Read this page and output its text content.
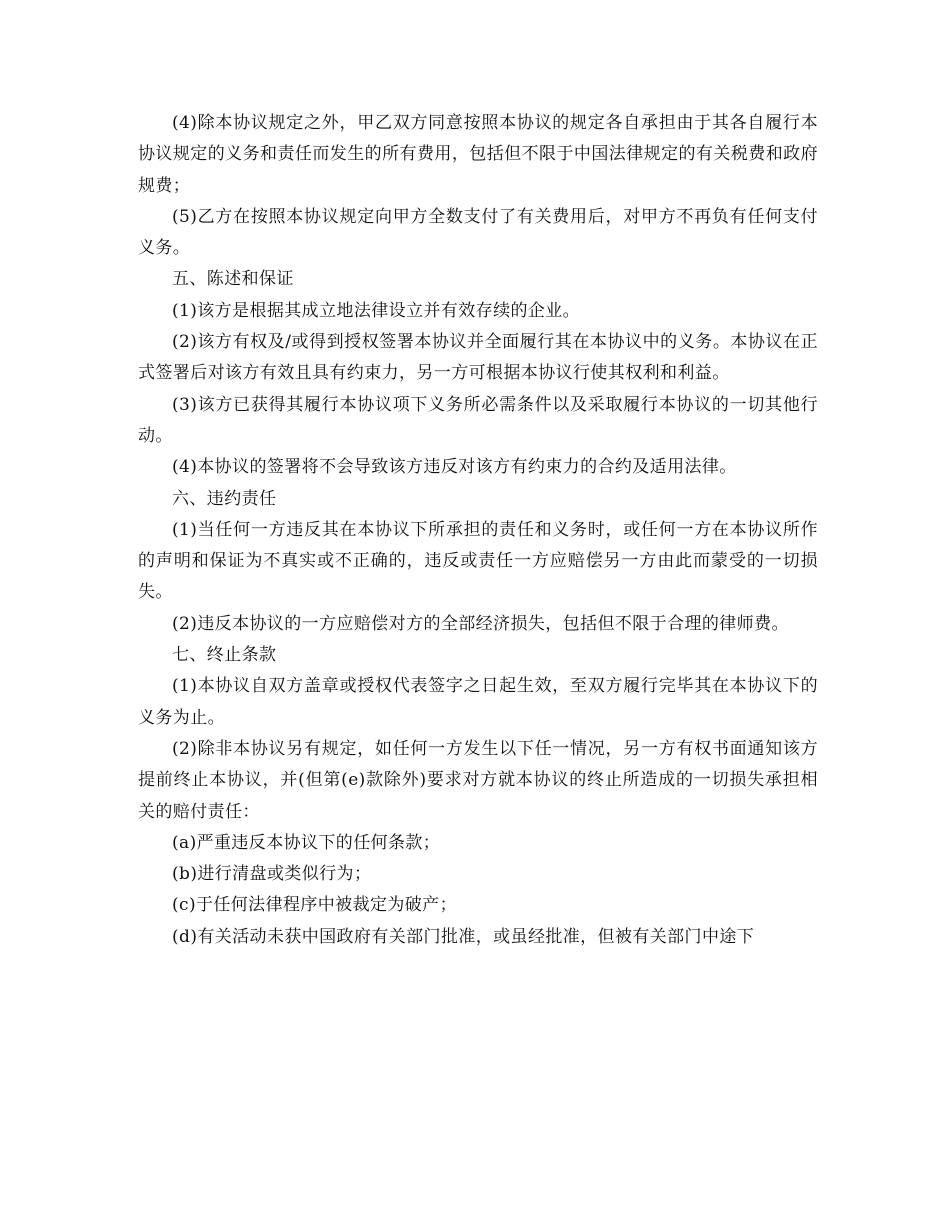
(4)除本协议规定之外，甲乙双方同意按照本协议的规定各自承担由于其各自履行本协议规定的义务和责任而发生的所有费用，包括但不限于中国法律规定的有关税费和政府规费；

(5)乙方在按照本协议规定向甲方全数支付了有关费用后，对甲方不再负有任何支付义务。

五、陈述和保证

(1)该方是根据其成立地法律设立并有效存续的企业。

(2)该方有权及/或得到授权签署本协议并全面履行其在本协议中的义务。本协议在正式签署后对该方有效且具有约束力，另一方可根据本协议行使其权利和利益。

(3)该方已获得其履行本协议项下义务所必需条件以及采取履行本协议的一切其他行动。

(4)本协议的签署将不会导致该方违反对该方有约束力的合约及适用法律。

六、违约责任

(1)当任何一方违反其在本协议下所承担的责任和义务时，或任何一方在本协议所作的声明和保证为不真实或不正确的，违反或责任一方应赔偿另一方由此而蒙受的一切损失。

(2)违反本协议的一方应赔偿对方的全部经济损失，包括但不限于合理的律师费。

七、终止条款

(1)本协议自双方盖章或授权代表签字之日起生效，至双方履行完毕其在本协议下的义务为止。

(2)除非本协议另有规定，如任何一方发生以下任一情况，另一方有权书面通知该方提前终止本协议，并(但第(e)款除外)要求对方就本协议的终止所造成的一切损失承担相关的赔付责任：

(a)严重违反本协议下的任何条款；

(b)进行清盘或类似行为；

(c)于任何法律程序中被裁定为破产；

(d)有关活动未获中国政府有关部门批准，或虽经批准，但被有关部门中途下
